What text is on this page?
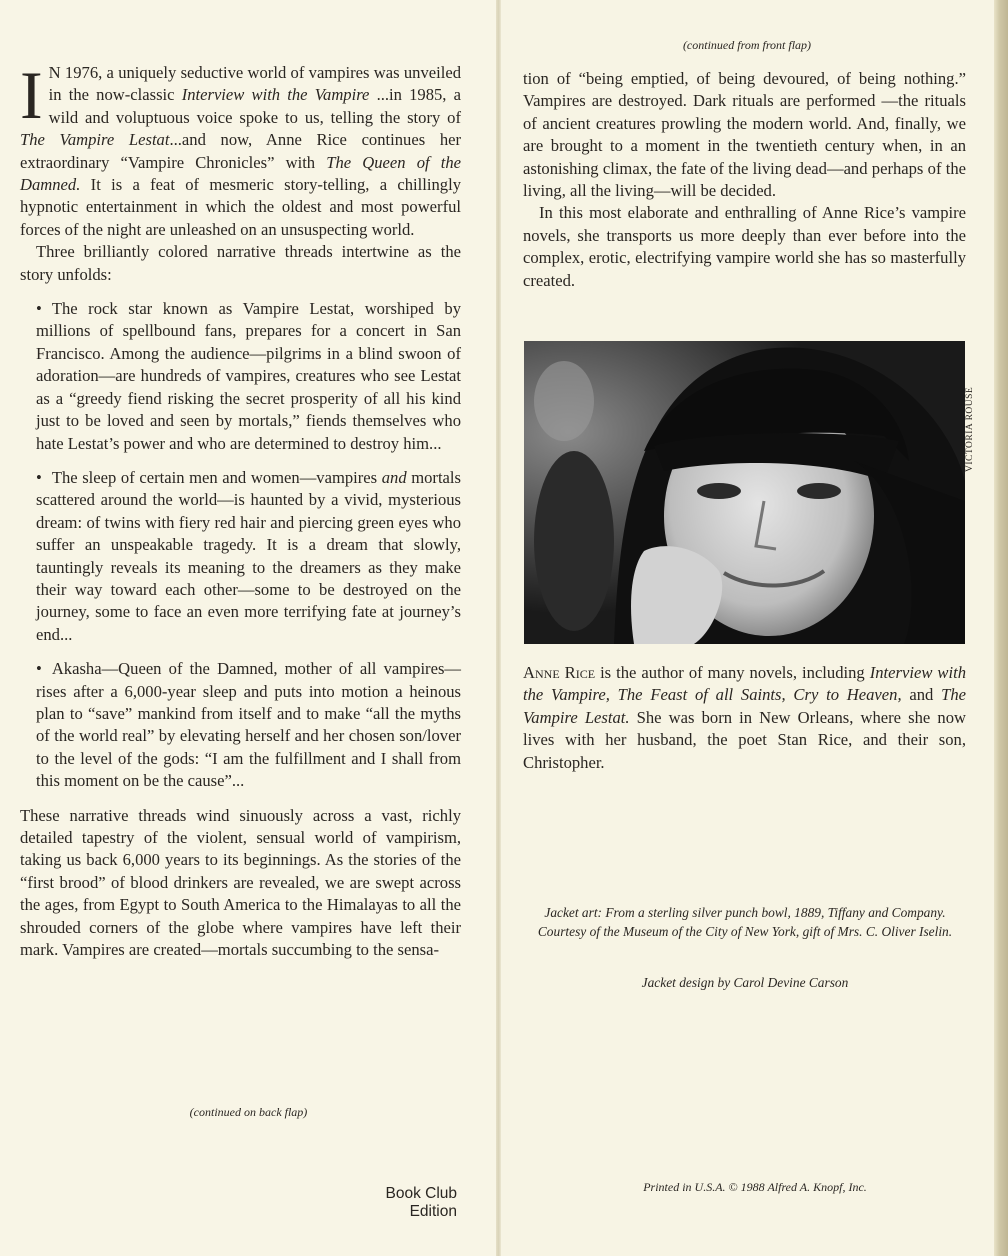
I N 1976, a uniquely seductive world of vampires was unveiled in the now-classic Interview with the Vampire ...in 1985, a wild and voluptuous voice spoke to us, telling the story of The Vampire Lestat...and now, Anne Rice continues her extraordinary “Vampire Chronicles” with The Queen of the Damned. It is a feat of mesmeric story-telling, a chillingly hypnotic entertainment in which the oldest and most powerful forces of the night are unleashed on an unsuspecting world.

Three brilliantly colored narrative threads intertwine as the story unfolds:

• The rock star known as Vampire Lestat, worshiped by millions of spellbound fans, prepares for a concert in San Francisco. Among the audience—pilgrims in a blind swoon of adoration—are hundreds of vampires, creatures who see Lestat as a “greedy fiend risking the secret prosperity of all his kind just to be loved and seen by mortals,” fiends themselves who hate Lestat’s power and who are determined to destroy him...

• The sleep of certain men and women—vampires and mortals scattered around the world—is haunted by a vivid, mysterious dream: of twins with fiery red hair and piercing green eyes who suffer an unspeakable tragedy. It is a dream that slowly, tauntingly reveals its meaning to the dreamers as they make their way toward each other—some to be destroyed on the journey, some to face an even more terrifying fate at journey’s end...

• Akasha—Queen of the Damned, mother of all vampires—rises after a 6,000-year sleep and puts into motion a heinous plan to “save” mankind from itself and to make “all the myths of the world real” by elevating herself and her chosen son/lover to the level of the gods: “I am the fulfillment and I shall from this moment on be the cause”...

These narrative threads wind sinuously across a vast, richly detailed tapestry of the violent, sensual world of vampirism, taking us back 6,000 years to its beginnings. As the stories of the “first brood” of blood drinkers are revealed, we are swept across the ages, from Egypt to South America to the Himalayas to all the shrouded corners of the globe where vampires have left their mark. Vampires are created—mortals succumbing to the sensa-

(continued on back flap)
Book Club
Edition
(continued from front flap)

tion of “being emptied, of being devoured, of being nothing.” Vampires are destroyed. Dark rituals are performed —the rituals of ancient creatures prowling the modern world. And, finally, we are brought to a moment in the twentieth century when, in an astonishing climax, the fate of the living dead—and perhaps of the living, all the living—will be decided.

In this most elaborate and enthralling of Anne Rice’s vampire novels, she transports us more deeply than ever before into the complex, erotic, electrifying vampire world she has so masterfully created.

VICTORIA ROUSE

Anne Rice is the author of many novels, including Interview with the Vampire, The Feast of all Saints, Cry to Heaven, and The Vampire Lestat. She was born in New Orleans, where she now lives with her husband, the poet Stan Rice, and their son, Christopher.

Jacket art: From a sterling silver punch bowl, 1889, Tiffany and Company. Courtesy of the Museum of the City of New York, gift of Mrs. C. Oliver Iselin.
Jacket design by Carol Devine Carson
Printed in U.S.A. © 1988 Alfred A. Knopf, Inc.
